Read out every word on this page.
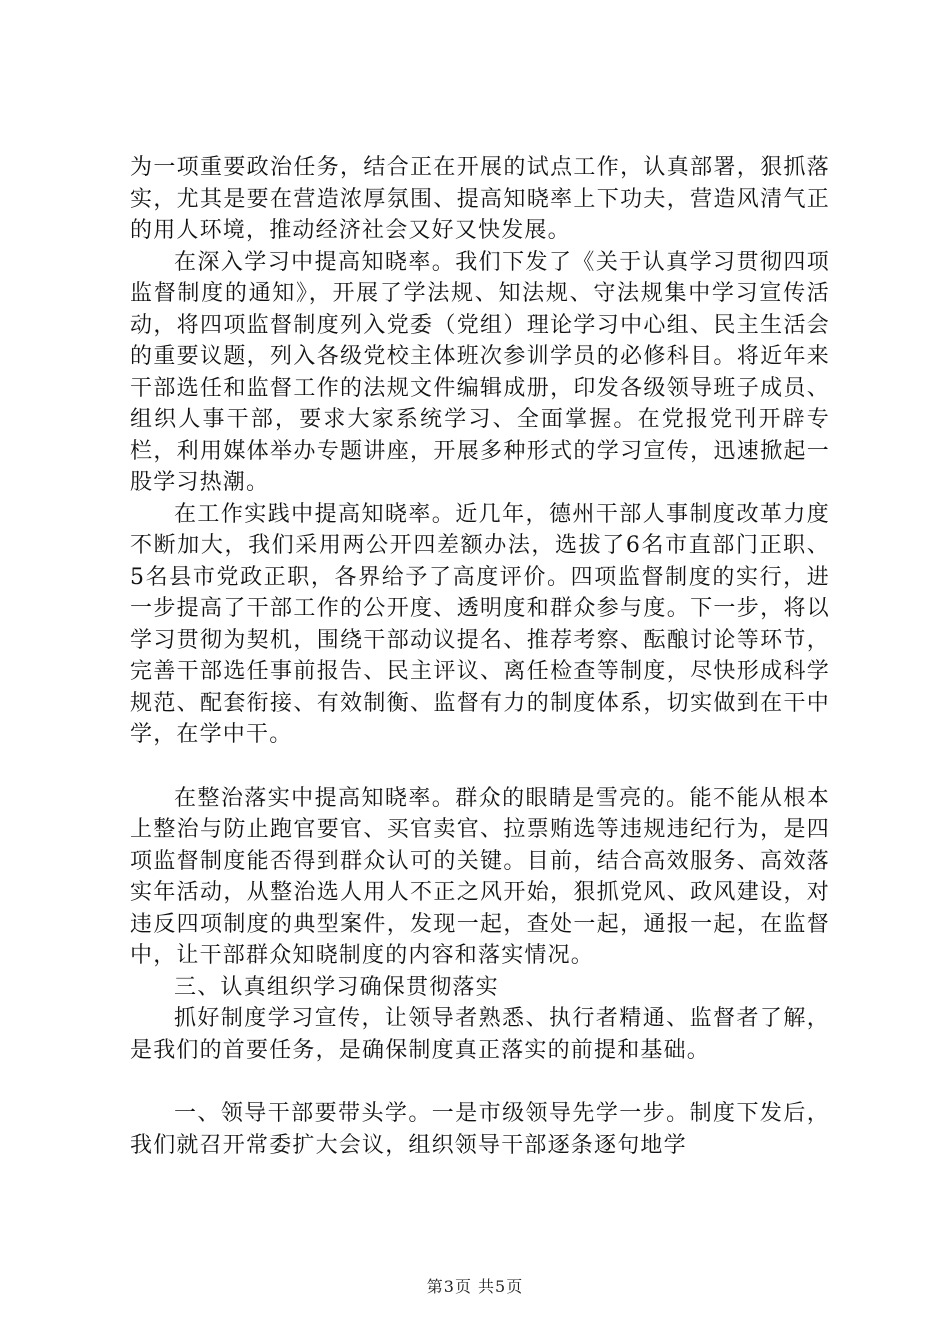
为一项重要政治任务，结合正在开展的试点工作，认真部署，狠抓落实，尤其是要在营造浓厚氛围、提高知晓率上下功夫，营造风清气正的用人环境，推动经济社会又好又快发展。

在深入学习中提高知晓率。我们下发了《关于认真学习贯彻四项监督制度的通知》，开展了学法规、知法规、守法规集中学习宣传活动，将四项监督制度列入党委（党组）理论学习中心组、民主生活会的重要议题，列入各级党校主体班次参训学员的必修科目。将近年来干部选任和监督工作的法规文件编辑成册，印发各级领导班子成员、组织人事干部，要求大家系统学习、全面掌握。在党报党刊开辟专栏，利用媒体举办专题讲座，开展多种形式的学习宣传，迅速掀起一股学习热潮。

在工作实践中提高知晓率。近几年，德州干部人事制度改革力度不断加大，我们采用两公开四差额办法，选拔了6名市直部门正职、5名县市党政正职，各界给予了高度评价。四项监督制度的实行，进一步提高了干部工作的公开度、透明度和群众参与度。下一步，将以学习贯彻为契机，围绕干部动议提名、推荐考察、酝酿讨论等环节，完善干部选任事前报告、民主评议、离任检查等制度，尽快形成科学规范、配套衔接、有效制衡、监督有力的制度体系，切实做到在干中学，在学中干。

在整治落实中提高知晓率。群众的眼睛是雪亮的。能不能从根本上整治与防止跑官要官、买官卖官、拉票贿选等违规违纪行为，是四项监督制度能否得到群众认可的关键。目前，结合高效服务、高效落实年活动，从整治选人用人不正之风开始，狠抓党风、政风建设，对违反四项制度的典型案件，发现一起，查处一起，通报一起，在监督中，让干部群众知晓制度的内容和落实情况。

三、认真组织学习确保贯彻落实

抓好制度学习宣传，让领导者熟悉、执行者精通、监督者了解，是我们的首要任务，是确保制度真正落实的前提和基础。

一、领导干部要带头学。一是市级领导先学一步。制度下发后，我们就召开常委扩大会议，组织领导干部逐条逐句地学

第3页 共5页
